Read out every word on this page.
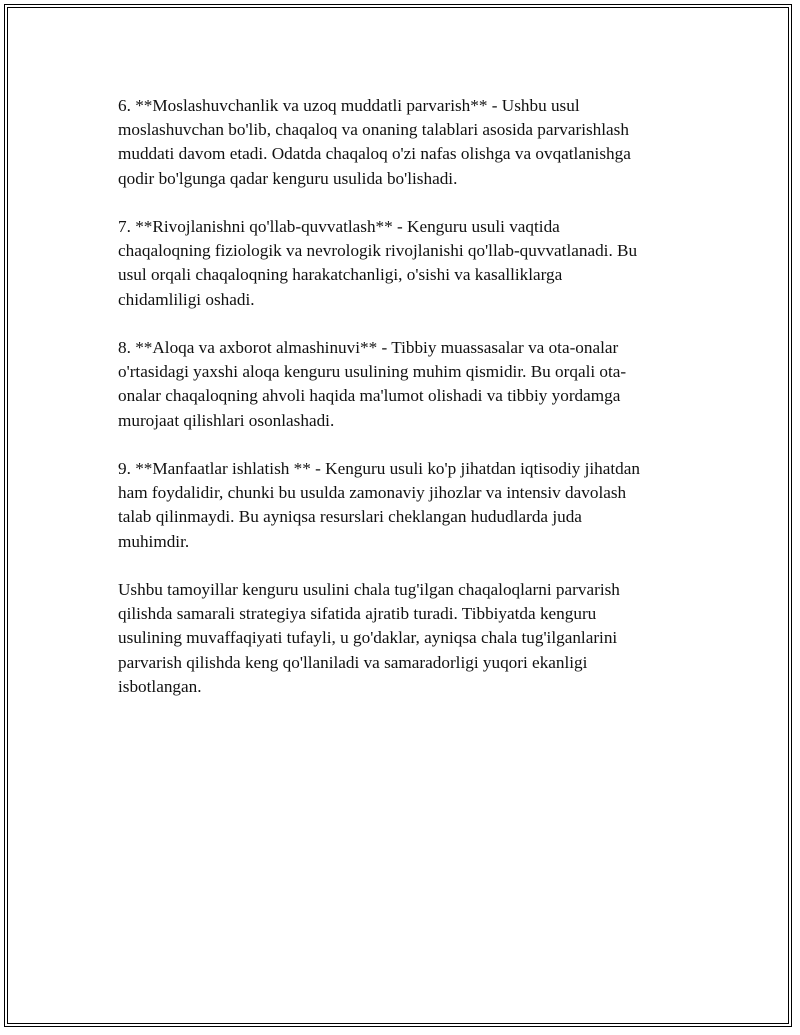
6. **Moslashuvchanlik va uzoq muddatli parvarish** - Ushbu usul
moslashuvchan bo'lib, chaqaloq va onaning talablari asosida parvarishlash
muddati davom etadi. Odatda chaqaloq o'zi nafas olishga va ovqatlanishga
qodir bo'lgunga qadar kenguru usulida bo'lishadi.

7. **Rivojlanishni qo'llab-quvvatlash** - Kenguru usuli vaqtida
chaqaloqning fiziologik va nevrologik rivojlanishi qo'llab-quvvatlanadi. Bu
usul orqali chaqaloqning harakatchanligi, o'sishi va kasalliklarga
chidamliligi oshadi.

8. **Aloqa va axborot almashinuvi** - Tibbiy muassasalar va ota-onalar
o'rtasidagi yaxshi aloqa kenguru usulining muhim qismidir. Bu orqali ota-
onalar chaqaloqning ahvoli haqida ma'lumot olishadi va tibbiy yordamga
murojaat qilishlari osonlashadi.

9. **Manfaatlar ishlatish ** - Kenguru usuli ko'p jihatdan iqtisodiy jihatdan
ham foydalidir, chunki bu usulda zamonaviy jihozlar va intensiv davolash
talab qilinmaydi. Bu ayniqsa resurslari cheklangan hududlarda juda
muhimdir.

Ushbu tamoyillar kenguru usulini chala tug'ilgan chaqaloqlarni parvarish
qilishda samarali strategiya sifatida ajratib turadi. Tibbiyatda kenguru
usulining muvaffaqiyati tufayli, u go'daklar, ayniqsa chala tug'ilganlarini
parvarish qilishda keng qo'llaniladi va samaradorligi yuqori ekanligi
isbotlangan.
